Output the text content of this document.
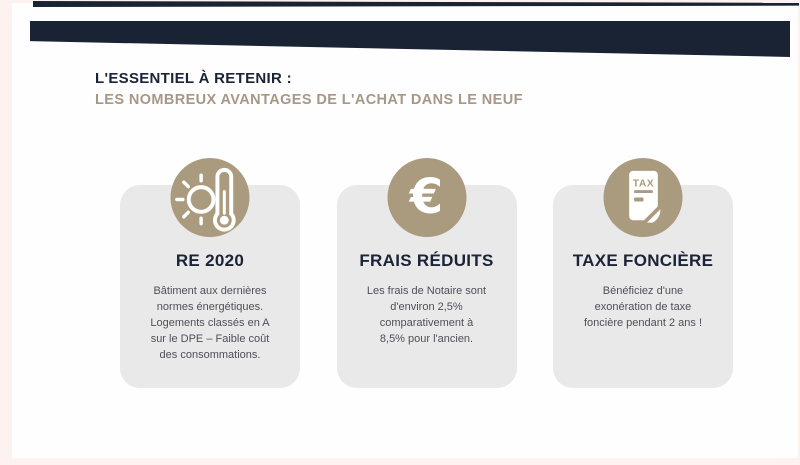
L'ESSENTIEL À RETENIR :
LES NOMBREUX AVANTAGES DE L'ACHAT DANS LE NEUF
RE 2020
Bâtiment aux dernières
normes énergétiques.
Logements classés en A
sur le DPE – Faible coût
des consommations.
€
FRAIS RÉDUITS
Les frais de Notaire sont
d'environ 2,5%
comparativement à
8,5% pour l'ancien.
TAX
TAXE FONCIÈRE
Bénéficiez d'une
exonération de taxe
foncière pendant 2 ans !
